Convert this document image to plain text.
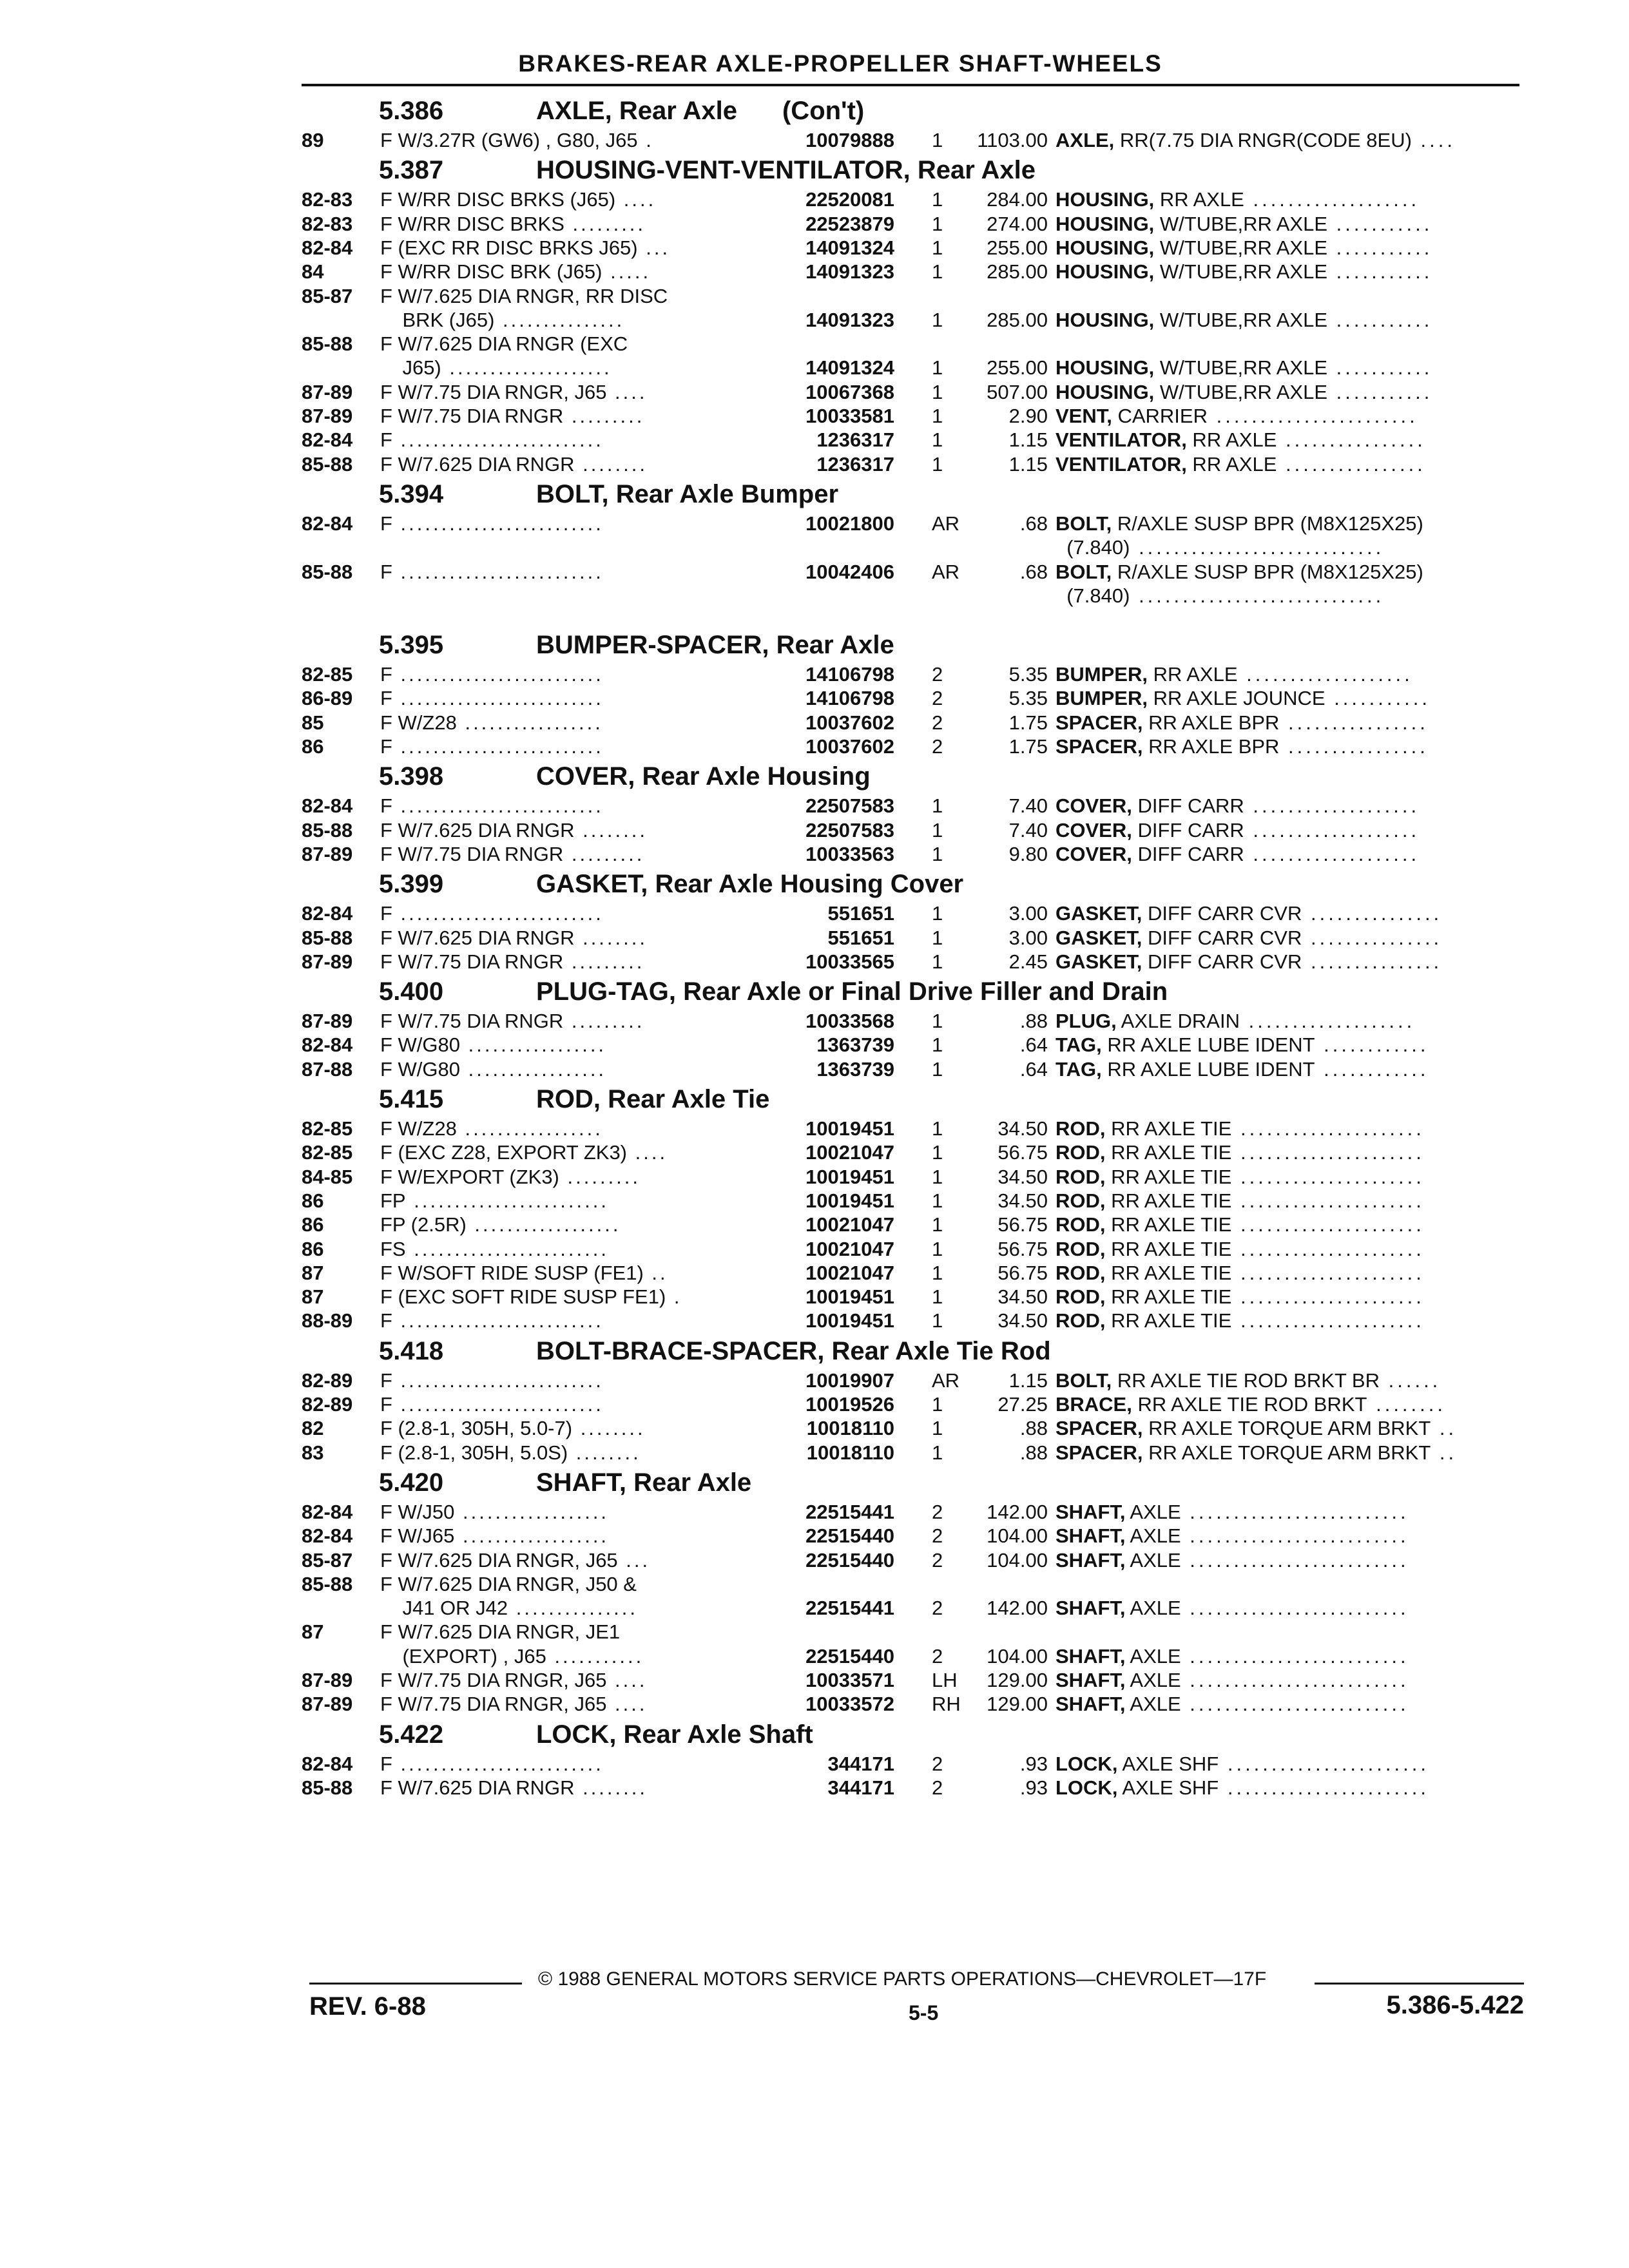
BRAKES-REAR AXLE-PROPELLER SHAFT-WHEELS
5.386	AXLE, Rear Axle (Con't)
89	F W/3.27R (GW6) , G80, J65 .	10079888 1 1103.00 AXLE, RR(7.75 DIA RNGR(CODE 8EU) ....
5.387	HOUSING-VENT-VENTILATOR, Rear Axle
82-83 F W/RR DISC BRKS (J65) ....	22520081 1	284.00 HOUSING, RR AXLE ...................
82-83 F W/RR DISC BRKS .........	22523879 1	274.00 HOUSING, W/TUBE,RR AXLE ...........
82-84 F (EXC RR DISC BRKS J65) ...	14091324 1	255.00 HOUSING, W/TUBE,RR AXLE ...........
84	F W/RR DISC BRK (J65) .....	14091323 1	285.00 HOUSING, W/TUBE,RR AXLE ...........
85-87 F W/7.625 DIA RNGR, RR DISC
BRK (J65) ...............	14091323 1	285.00 HOUSING, W/TUBE,RR AXLE ...........
85-88 F W/7.625 DIA RNGR (EXC
J65) ....................	14091324 1	255.00 HOUSING, W/TUBE,RR AXLE ...........
87-89 F W/7.75 DIA RNGR, J65 ....	10067368 1	507.00 HOUSING, W/TUBE,RR AXLE ...........
87-89 F W/7.75 DIA RNGR .........	10033581 1	2.90 VENT, CARRIER .......................
82-84 F .........................	1236317 1	1.15 VENTILATOR, RR AXLE ................
85-88 F W/7.625 DIA RNGR ........	1236317 1	1.15 VENTILATOR, RR AXLE ................
5.394	BOLT, Rear Axle Bumper
82-84 F .........................	10021800 AR	.68 BOLT, R/AXLE SUSP BPR (M8X125X25)
(7.840) ............................
85-88 F .........................	10042406 AR	.68 BOLT, R/AXLE SUSP BPR (M8X125X25)
(7.840) ............................
5.395	BUMPER-SPACER, Rear Axle
82-85 F .........................	14106798 2	5.35 BUMPER, RR AXLE ...................
86-89 F .........................	14106798 2	5.35 BUMPER, RR AXLE JOUNCE ...........
85	F W/Z28 .................	10037602 2	1.75 SPACER, RR AXLE BPR ................
86	F .........................	10037602 2	1.75 SPACER, RR AXLE BPR ................
5.398	COVER, Rear Axle Housing
82-84 F .........................	22507583 1	7.40 COVER, DIFF CARR ...................
85-88 F W/7.625 DIA RNGR ........	22507583 1	7.40 COVER, DIFF CARR ...................
87-89 F W/7.75 DIA RNGR .........	10033563 1	9.80 COVER, DIFF CARR ...................
5.399	GASKET, Rear Axle Housing Cover
82-84 F .........................	551651 1	3.00 GASKET, DIFF CARR CVR ...............
85-88 F W/7.625 DIA RNGR ........	551651 1	3.00 GASKET, DIFF CARR CVR ...............
87-89 F W/7.75 DIA RNGR .........	10033565 1	2.45 GASKET, DIFF CARR CVR ...............
5.400	PLUG-TAG, Rear Axle or Final Drive Filler and Drain
87-89 F W/7.75 DIA RNGR .........	10033568 1	.88 PLUG, AXLE DRAIN ...................
82-84 F W/G80 .................	1363739 1	.64 TAG, RR AXLE LUBE IDENT ............
87-88 F W/G80 .................	1363739 1	.64 TAG, RR AXLE LUBE IDENT ............
5.415	ROD, Rear Axle Tie
82-85 F W/Z28 .................	10019451 1	34.50 ROD, RR AXLE TIE .....................
82-85 F (EXC Z28, EXPORT ZK3) ....	10021047 1	56.75 ROD, RR AXLE TIE .....................
84-85 F W/EXPORT (ZK3) .........	10019451 1	34.50 ROD, RR AXLE TIE .....................
86	FP ........................	10019451 1	34.50 ROD, RR AXLE TIE .....................
86	FP (2.5R) ..................	10021047 1	56.75 ROD, RR AXLE TIE .....................
86	FS ........................	10021047 1	56.75 ROD, RR AXLE TIE .....................
87	F W/SOFT RIDE SUSP (FE1) ..	10021047 1	56.75 ROD, RR AXLE TIE .....................
87	F (EXC SOFT RIDE SUSP FE1) .	10019451 1	34.50 ROD, RR AXLE TIE .....................
88-89 F .........................	10019451 1	34.50 ROD, RR AXLE TIE .....................
5.418	BOLT-BRACE-SPACER, Rear Axle Tie Rod
82-89 F .........................	10019907 AR	1.15 BOLT, RR AXLE TIE ROD BRKT BR ......
82-89 F .........................	10019526 1	27.25 BRACE, RR AXLE TIE ROD BRKT ........
82	F (2.8-1, 305H, 5.0-7) ........	10018110 1	.88 SPACER, RR AXLE TORQUE ARM BRKT ..
83	F (2.8-1, 305H, 5.0S) ........	10018110 1	.88 SPACER, RR AXLE TORQUE ARM BRKT ..
5.420	SHAFT, Rear Axle
82-84 F W/J50 ..................	22515441 2	142.00 SHAFT, AXLE .........................
82-84 F W/J65 ..................	22515440 2	104.00 SHAFT, AXLE .........................
85-87 F W/7.625 DIA RNGR, J65 ...	22515440 2	104.00 SHAFT, AXLE .........................
85-88 F W/7.625 DIA RNGR, J50 &
J41 OR J42 ...............	22515441 2	142.00 SHAFT, AXLE .........................
87	F W/7.625 DIA RNGR, JE1
(EXPORT) , J65 ...........	22515440 2	104.00 SHAFT, AXLE .........................
87-89 F W/7.75 DIA RNGR, J65 ....	10033571 LH	129.00 SHAFT, AXLE .........................
87-89 F W/7.75 DIA RNGR, J65 ....	10033572 RH	129.00 SHAFT, AXLE .........................
5.422	LOCK, Rear Axle Shaft
82-84 F .........................	344171 2	.93 LOCK, AXLE SHF .......................
85-88 F W/7.625 DIA RNGR ........	344171 2	.93 LOCK, AXLE SHF .......................
© 1988 GENERAL MOTORS SERVICE PARTS OPERATIONS—CHEVROLET—17F
REV. 6-88	5-5	5.386-5.422
